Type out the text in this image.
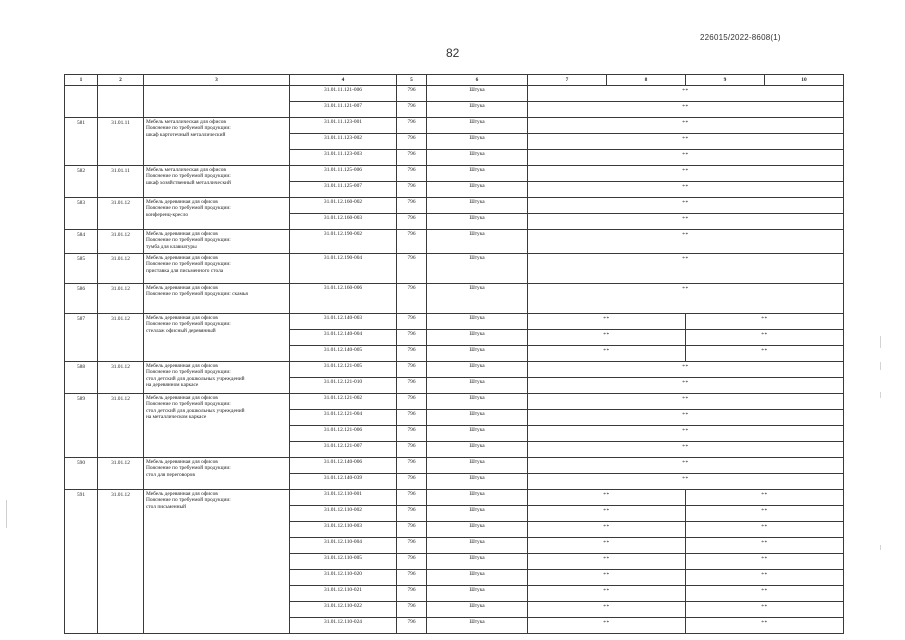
226015/2022-8608(1)
82
1	2	3	4	5	6	7	8	9	10
			31.01.11.121-006	796	Штука	**			
			31.01.11.121-007	796	Штука	**			
581	31.01.11	Мебель металлическая для офисов
Пояснение по требуемой продукции:
шкаф картотечный металлический	31.01.11.123-001	796	Штука	**			
			31.01.11.123-002	796	Штука	**			
			31.01.11.123-003	796	Штука	**			
582	31.01.11	Мебель металлическая для офисов
Пояснение по требуемой продукции:
шкаф хозяйственный металлический	31.01.11.125-006	796	Штука	**			
			31.01.11.125-007	796	Штука	**			
583	31.01.12	Мебель деревянная для офисов
Пояснение по требуемой продукции:
конференц-кресло	31.01.12.160-002	796	Штука	**			
			31.01.12.160-003	796	Штука	**			
584	31.01.12	Мебель деревянная для офисов
Пояснение по требуемой продукции:
тумба для клавиатуры	31.01.12.190-002	796	Штука	**			
585	31.01.12	Мебель деревянная для офисов
Пояснение по требуемой продукции:
приставка для письменного стола	31.01.12.190-004	796	Штука	**			
586	31.01.12	Мебель деревянная для офисов
Пояснение по требуемой продукции: скамья	31.01.12.160-006	796	Штука	**			
587	31.01.12	Мебель деревянная для офисов
Пояснение по требуемой продукции:
стеллаж офисный деревянный	31.01.12.140-003	796	Штука	**		**	
			31.01.12.140-004	796	Штука	**		**	
			31.01.12.140-005	796	Штука	**		**	
588	31.01.12	Мебель деревянная для офисов
Пояснение по требуемой продукции:
стол детский для дошкольных учреждений
на деревянном каркасе	31.01.12.121-005	796	Штука	**			
			31.01.12.121-010	796	Штука	**			
589	31.01.12	Мебель деревянная для офисов
Пояснение по требуемой продукции:
стол детский для дошкольных учреждений
на металлическом каркасе	31.01.12.121-002	796	Штука	**			
			31.01.12.121-004	796	Штука	**			
			31.01.12.121-006	796	Штука	**			
			31.01.12.121-007	796	Штука	**			
590	31.01.12	Мебель деревянная для офисов
Пояснение по требуемой продукции:
стол для переговоров	31.01.12.140-006	796	Штука	**			
			31.01.12.140-039	796	Штука	**			
591	31.01.12	Мебель деревянная для офисов
Пояснение по требуемой продукции:
стол письменный	31.01.12.110-001	796	Штука	**		**	
			31.01.12.110-002	796	Штука	**		**	
			31.01.12.110-003	796	Штука	**		**	
			31.01.12.110-004	796	Штука	**		**	
			31.01.12.110-005	796	Штука	**		**	
			31.01.12.110-020	796	Штука	**		**	
			31.01.12.110-021	796	Штука	**		**	
			31.01.12.110-022	796	Штука	**		**	
			31.01.12.110-024	796	Штука	**		**	
